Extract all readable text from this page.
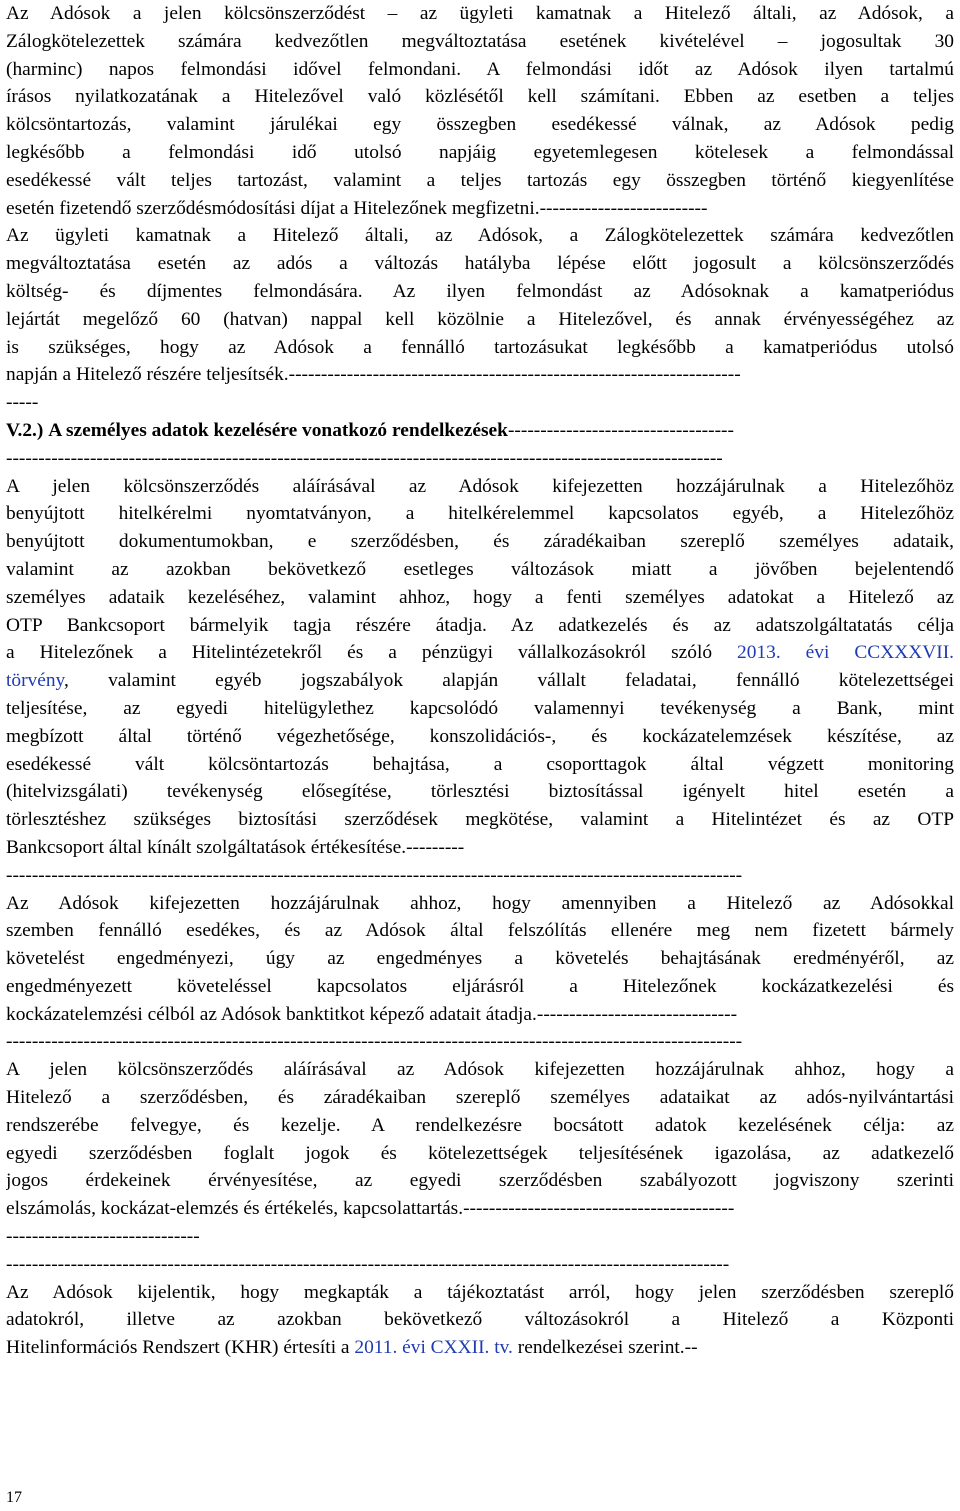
Az Adósok a jelen kölcsönszerződést – az ügyleti kamatnak a Hitelező általi, az Adósok, a
Zálogkötelezettek számára kedvezőtlen megváltoztatása esetének kivételével – jogosultak 30
(harminc) napos felmondási idővel felmondani. A felmondási időt az Adósok ilyen tartalmú
írásos nyilatkozatának a Hitelezővel való közlésétől kell számítani. Ebben az esetben a teljes
kölcsöntartozás, valamint járulékai egy összegben esedékessé válnak, az Adósok pedig
legkésőbb a felmondási idő utolsó napjáig egyetemlegesen kötelesek a felmondással
esedékessé vált teljes tartozást, valamint a teljes tartozás egy összegben történő kiegyenlítése
esetén fizetendő szerződésmódosítási díjat a Hitelezőnek megfizetni.--------------------------
Az ügyleti kamatnak a Hitelező általi, az Adósok, a Zálogkötelezettek számára kedvezőtlen
megváltoztatása esetén az adós a változás hatályba lépése előtt jogosult a kölcsönszerződés
költség- és díjmentes felmondására. Az ilyen felmondást az Adósoknak a kamatperiódus
lejártát megelőző 60 (hatvan) nappal kell közölnie a Hitelezővel, és annak érvényességéhez az
is szükséges, hogy az Adósok a fennálló tartozásukat legkésőbb a kamatperiódus utolsó
napján a Hitelező részére teljesítsék.----------------------------------------------------------------------
-----
V.2.) A személyes adatok kezelésére vonatkozó rendelkezések-----------------------------------
---------------------------------------------------------------------------------------------------------------
A jelen kölcsönszerződés aláírásával az Adósok kifejezetten hozzájárulnak a Hitelezőhöz
benyújtott hitelkérelmi nyomtatványon, a hitelkérelemmel kapcsolatos egyéb, a Hitelezőhöz
benyújtott dokumentumokban, e szerződésben, és záradékaiban szereplő személyes adataik,
valamint az azokban bekövetkező esetleges változások miatt a jövőben bejelentendő
személyes adataik kezeléséhez, valamint ahhoz, hogy a fenti személyes adatokat a Hitelező az
OTP Bankcsoport bármelyik tagja részére átadja. Az adatkezelés és az adatszolgáltatatás célja
a Hitelezőnek a Hitelintézetekről és a pénzügyi vállalkozásokról szóló 2013. évi CCXXXVII.
törvény, valamint egyéb jogszabályok alapján vállalt feladatai, fennálló kötelezettségei
teljesítése, az egyedi hitelügylethez kapcsolódó valamennyi tevékenység a Bank, mint
megbízott által történő végezhetősége, konszolidációs-, és kockázatelemzések készítése, az
esedékessé vált kölcsöntartozás behajtása, a csoporttagok által végzett monitoring
(hitelvizsgálati) tevékenység elősegítése, törlesztési biztosítással igényelt hitel esetén a
törlesztéshez szükséges biztosítási szerződések megkötése, valamint a Hitelintézet és az OTP
Bankcsoport által kínált szolgáltatások értékesítése.---------
------------------------------------------------------------------------------------------------------------------
Az Adósok kifejezetten hozzájárulnak ahhoz, hogy amennyiben a Hitelező az Adósokkal
szemben fennálló esedékes, és az Adósok által felszólítás ellenére meg nem fizetett bármely
követelést engedményezi, úgy az engedményes a követelés behajtásának eredményéről, az
engedményezett követeléssel kapcsolatos eljárásról a Hitelezőnek kockázatkezelési és
kockázatelemzési célból az Adósok banktitkot képező adatait átadja.-------------------------------
------------------------------------------------------------------------------------------------------------------
A jelen kölcsönszerződés aláírásával az Adósok kifejezetten hozzájárulnak ahhoz, hogy a
Hitelező a szerződésben, és záradékaiban szereplő személyes adataikat az adós-nyilvántartási
rendszerébe felvegye, és kezelje. A rendelkezésre bocsátott adatok kezelésének célja: az
egyedi szerződésben foglalt jogok és kötelezettségek teljesítésének igazolása, az adatkezelő
jogos érdekeinek érvényesítése, az egyedi szerződésben szabályozott jogviszony szerinti
elszámolás, kockázat-elemzés és értékelés, kapcsolattartás.------------------------------------------
------------------------------
----------------------------------------------------------------------------------------------------------------
Az Adósok kijelentik, hogy megkapták a tájékoztatást arról, hogy jelen szerződésben szereplő
adatokról, illetve az azokban bekövetkező változásokról a Hitelező a Központi
Hitelinformációs Rendszert (KHR) értesíti a 2011. évi CXXII. tv. rendelkezései szerint.--
17
